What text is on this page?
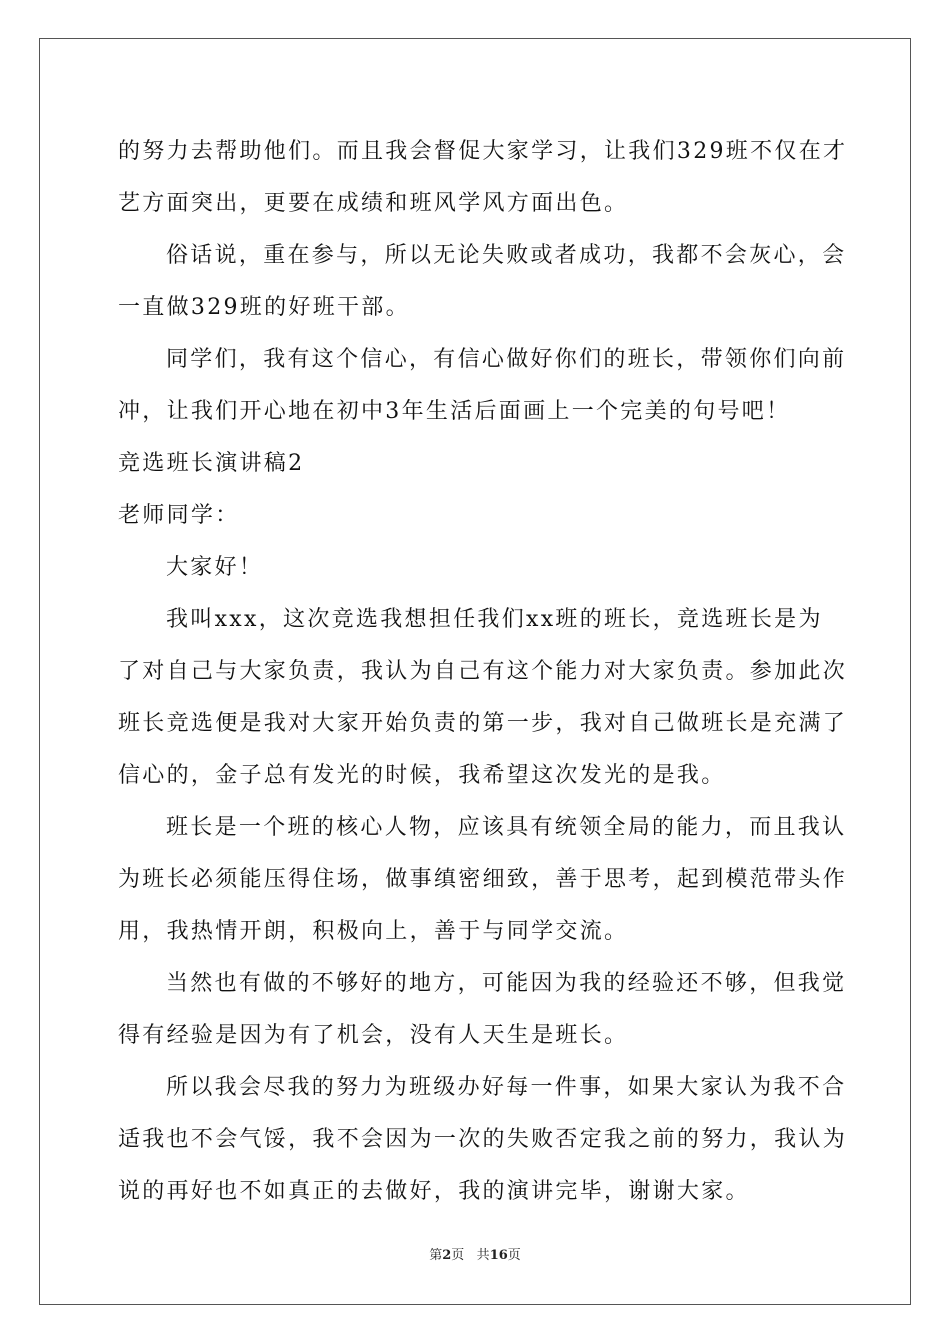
的努力去帮助他们。而且我会督促大家学习，让我们329班不仅在才
艺方面突出，更要在成绩和班风学风方面出色。
俗话说，重在参与，所以无论失败或者成功，我都不会灰心，会
一直做329班的好班干部。
同学们，我有这个信心，有信心做好你们的班长，带领你们向前
冲，让我们开心地在初中3年生活后面画上一个完美的句号吧！
竞选班长演讲稿2
老师同学：
大家好！
我叫xxx，这次竞选我想担任我们xx班的班长，竞选班长是为
了对自己与大家负责，我认为自己有这个能力对大家负责。参加此次
班长竞选便是我对大家开始负责的第一步，我对自己做班长是充满了
信心的，金子总有发光的时候，我希望这次发光的是我。
班长是一个班的核心人物，应该具有统领全局的能力，而且我认
为班长必须能压得住场，做事缜密细致，善于思考，起到模范带头作
用，我热情开朗，积极向上，善于与同学交流。
当然也有做的不够好的地方，可能因为我的经验还不够，但我觉
得有经验是因为有了机会，没有人天生是班长。
所以我会尽我的努力为班级办好每一件事，如果大家认为我不合
适我也不会气馁，我不会因为一次的失败否定我之前的努力，我认为
说的再好也不如真正的去做好，我的演讲完毕，谢谢大家。
第2页 共16页
